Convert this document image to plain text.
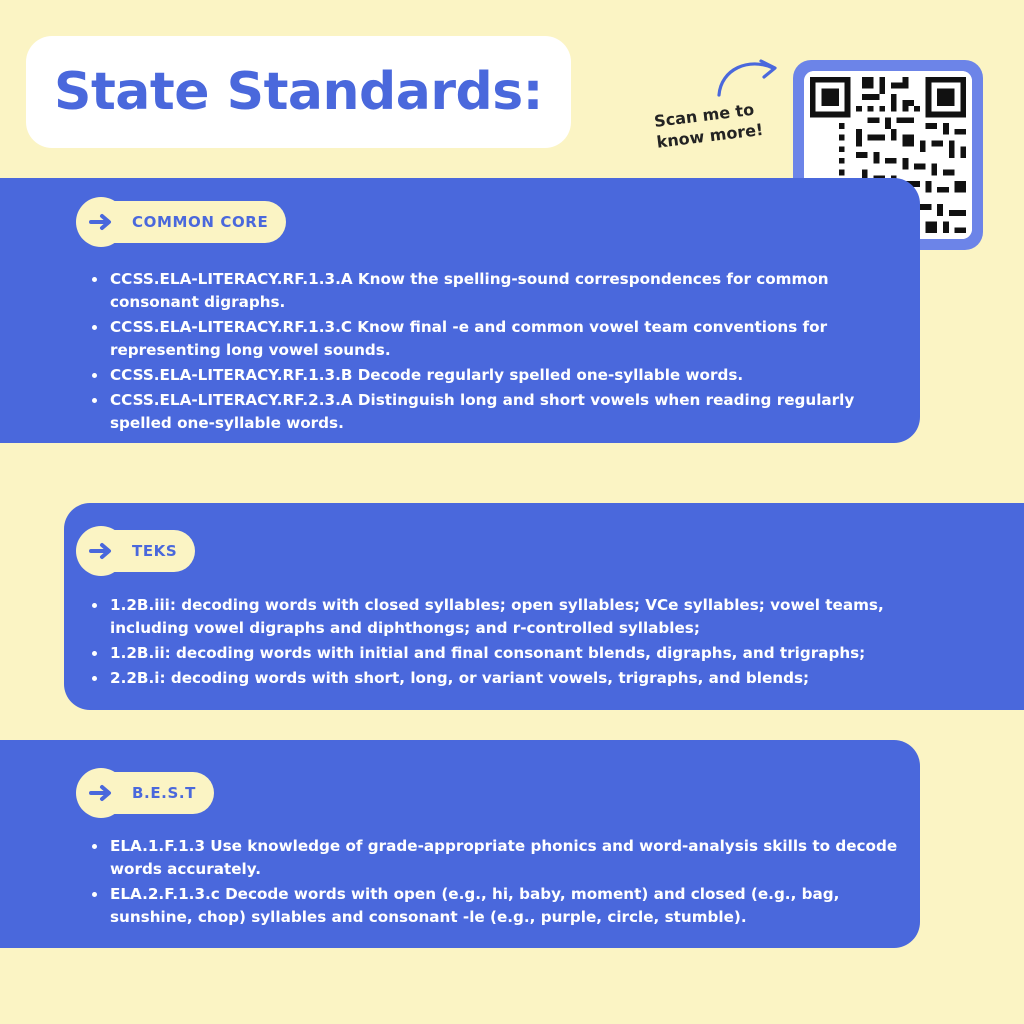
State Standards:	Scan me to know more!
COMMON CORE
CCSS.ELA-LITERACY.RF.1.3.A Know the spelling-sound correspondences for common consonant digraphs.
CCSS.ELA-LITERACY.RF.1.3.C Know final -e and common vowel team conventions for representing long vowel sounds.
CCSS.ELA-LITERACY.RF.1.3.B Decode regularly spelled one-syllable words.
CCSS.ELA-LITERACY.RF.2.3.A Distinguish long and short vowels when reading regularly spelled one-syllable words.
TEKS
1.2B.iii: decoding words with closed syllables; open syllables; VCe syllables; vowel teams, including vowel digraphs and diphthongs; and r-controlled syllables;
1.2B.ii: decoding words with initial and final consonant blends, digraphs, and trigraphs;
2.2B.i: decoding words with short, long, or variant vowels, trigraphs, and blends;
B.E.S.T
ELA.1.F.1.3 Use knowledge of grade-appropriate phonics and word-analysis skills to decode words accurately.
ELA.2.F.1.3.c Decode words with open (e.g., hi, baby, moment) and closed (e.g., bag, sunshine, chop) syllables and consonant -le (e.g., purple, circle, stumble).
